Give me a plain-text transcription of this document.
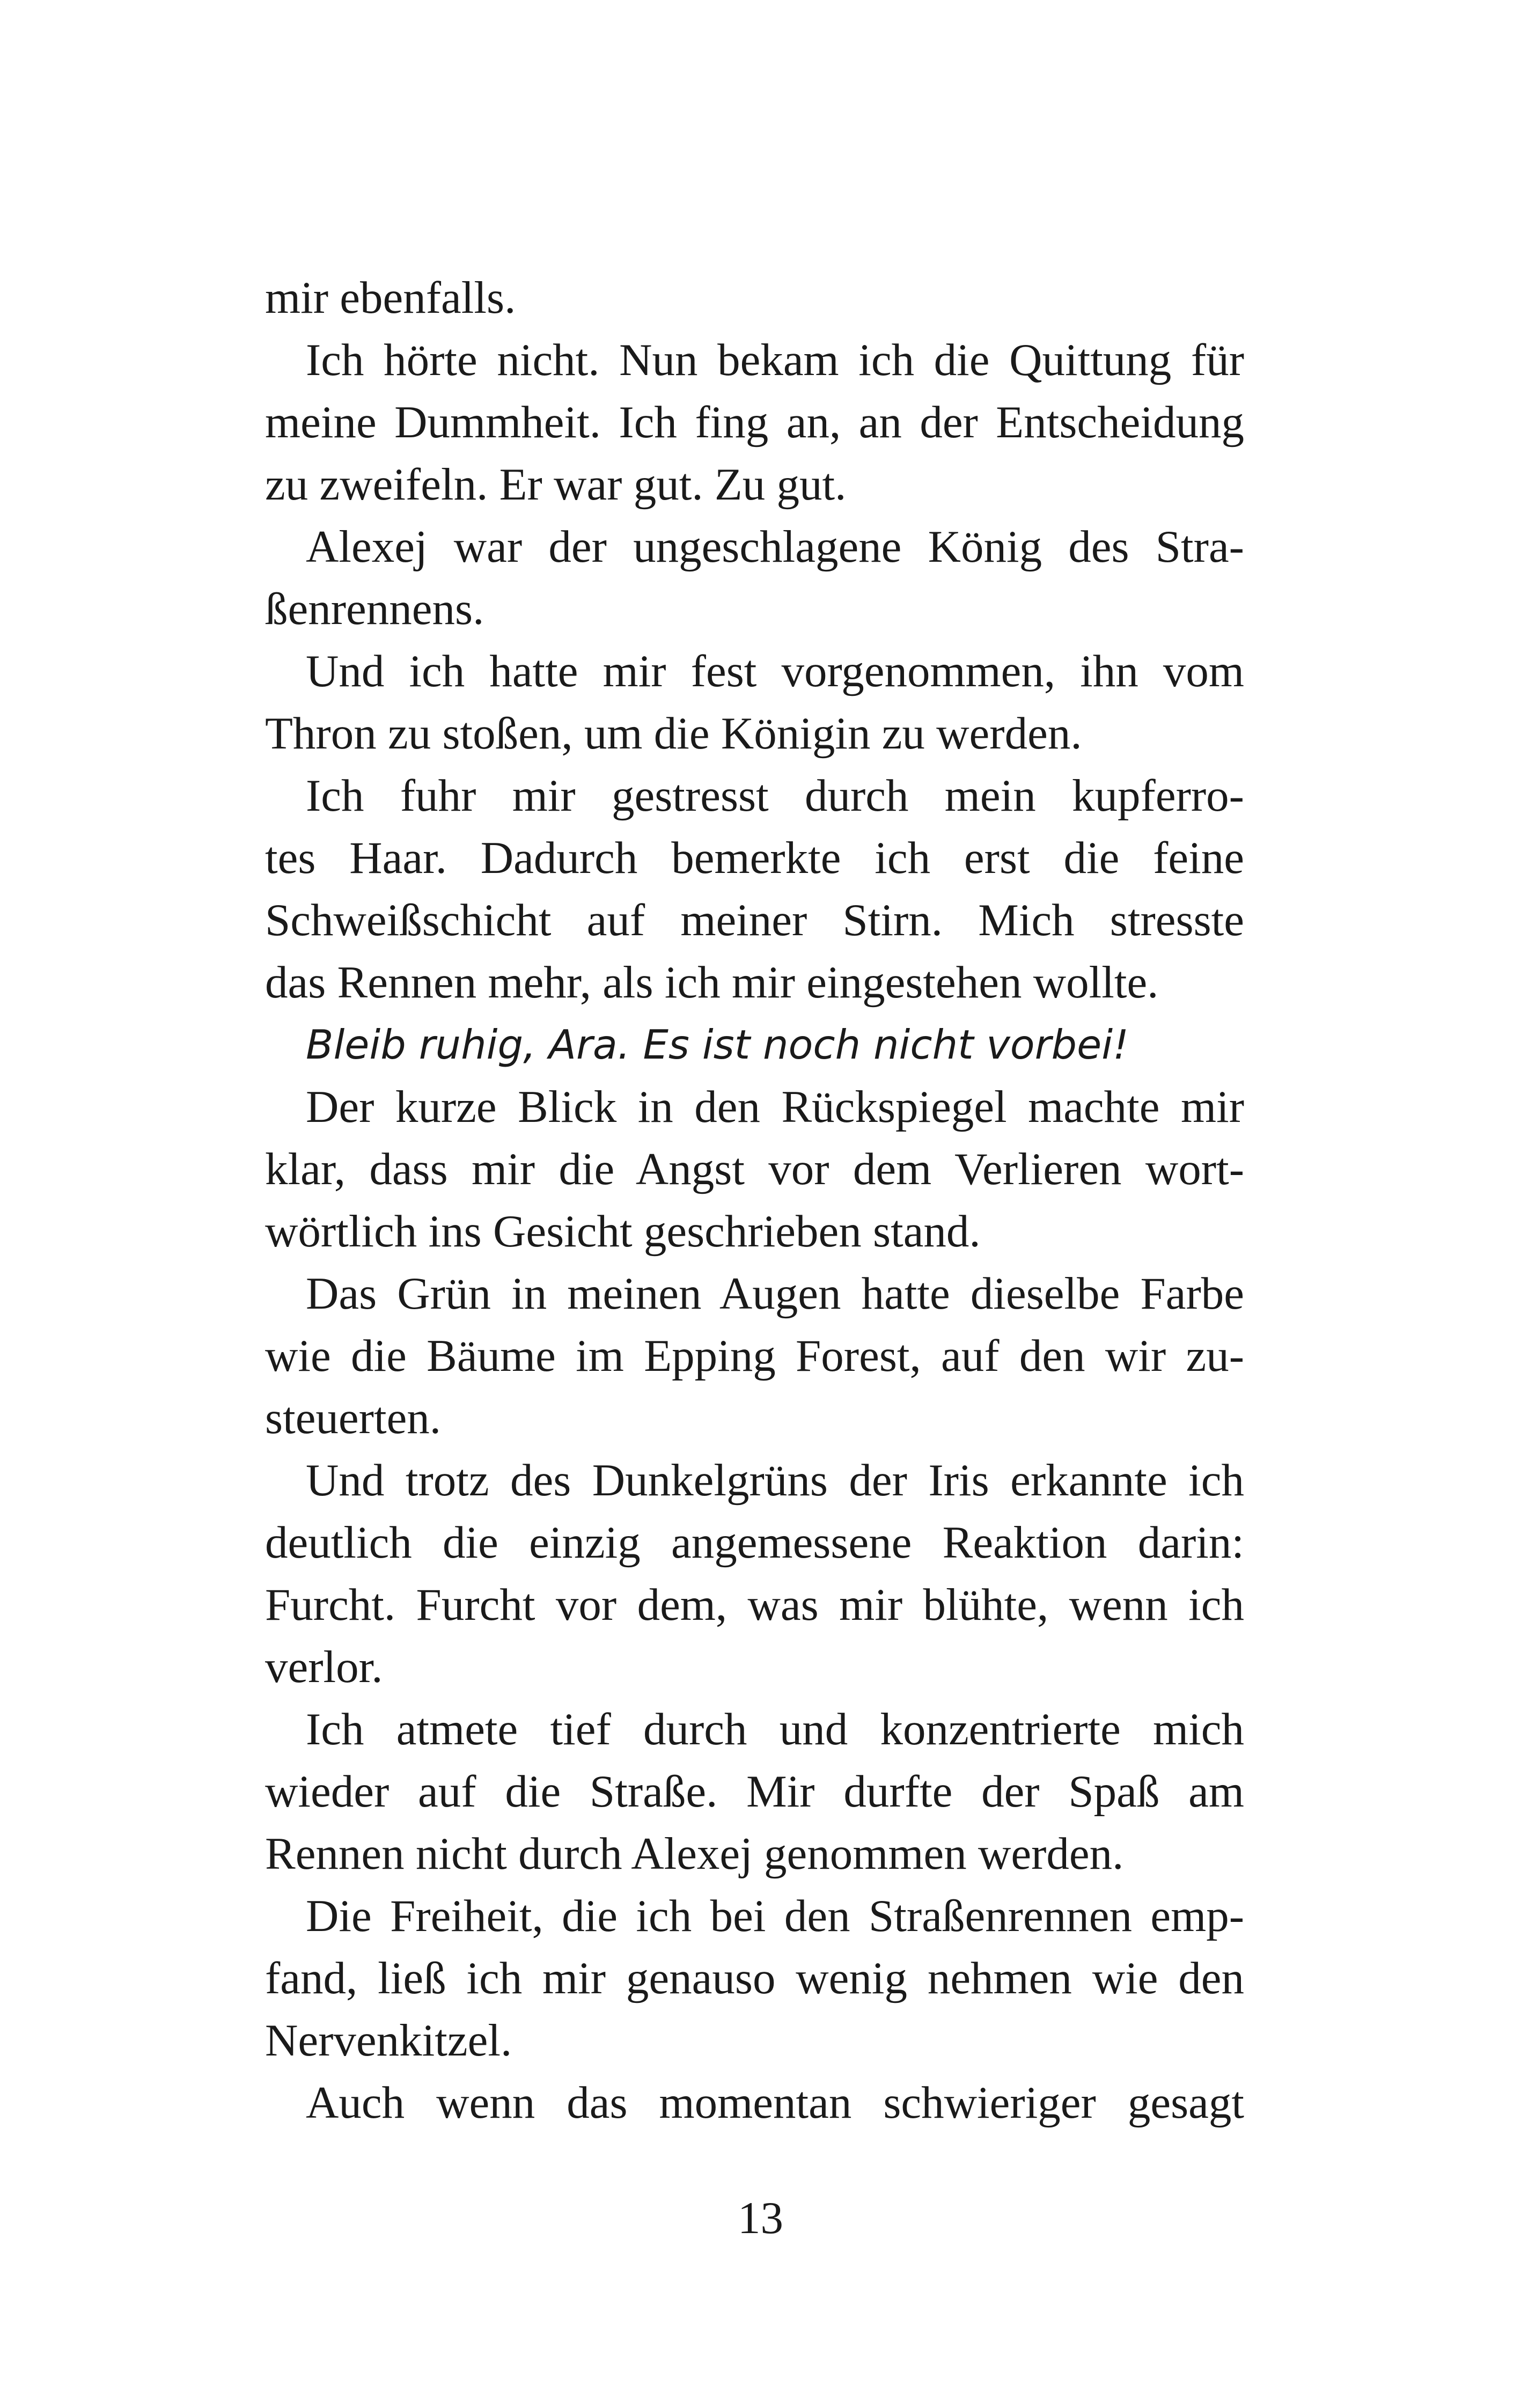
mir ebenfalls.
Ich hörte nicht. Nun bekam ich die Quittung für
meine Dummheit. Ich fing an, an der Entscheidung
zu zweifeln. Er war gut. Zu gut.
Alexej war der ungeschlagene König des Stra-
ßenrennens.
Und ich hatte mir fest vorgenommen, ihn vom
Thron zu stoßen, um die Königin zu werden.
Ich fuhr mir gestresst durch mein kupferro-
tes Haar. Dadurch bemerkte ich erst die feine
Schweißschicht auf meiner Stirn. Mich stresste
das Rennen mehr, als ich mir eingestehen wollte.
Bleib ruhig, Ara. Es ist noch nicht vorbei!
Der kurze Blick in den Rückspiegel machte mir
klar, dass mir die Angst vor dem Verlieren wort-
wörtlich ins Gesicht geschrieben stand.
Das Grün in meinen Augen hatte dieselbe Farbe
wie die Bäume im Epping Forest, auf den wir zu-
steuerten.
Und trotz des Dunkelgrüns der Iris erkannte ich
deutlich die einzig angemessene Reaktion darin:
Furcht. Furcht vor dem, was mir blühte, wenn ich
verlor.
Ich atmete tief durch und konzentrierte mich
wieder auf die Straße. Mir durfte der Spaß am
Rennen nicht durch Alexej genommen werden.
Die Freiheit, die ich bei den Straßenrennen emp-
fand, ließ ich mir genauso wenig nehmen wie den
Nervenkitzel.
Auch wenn das momentan schwieriger gesagt
13
